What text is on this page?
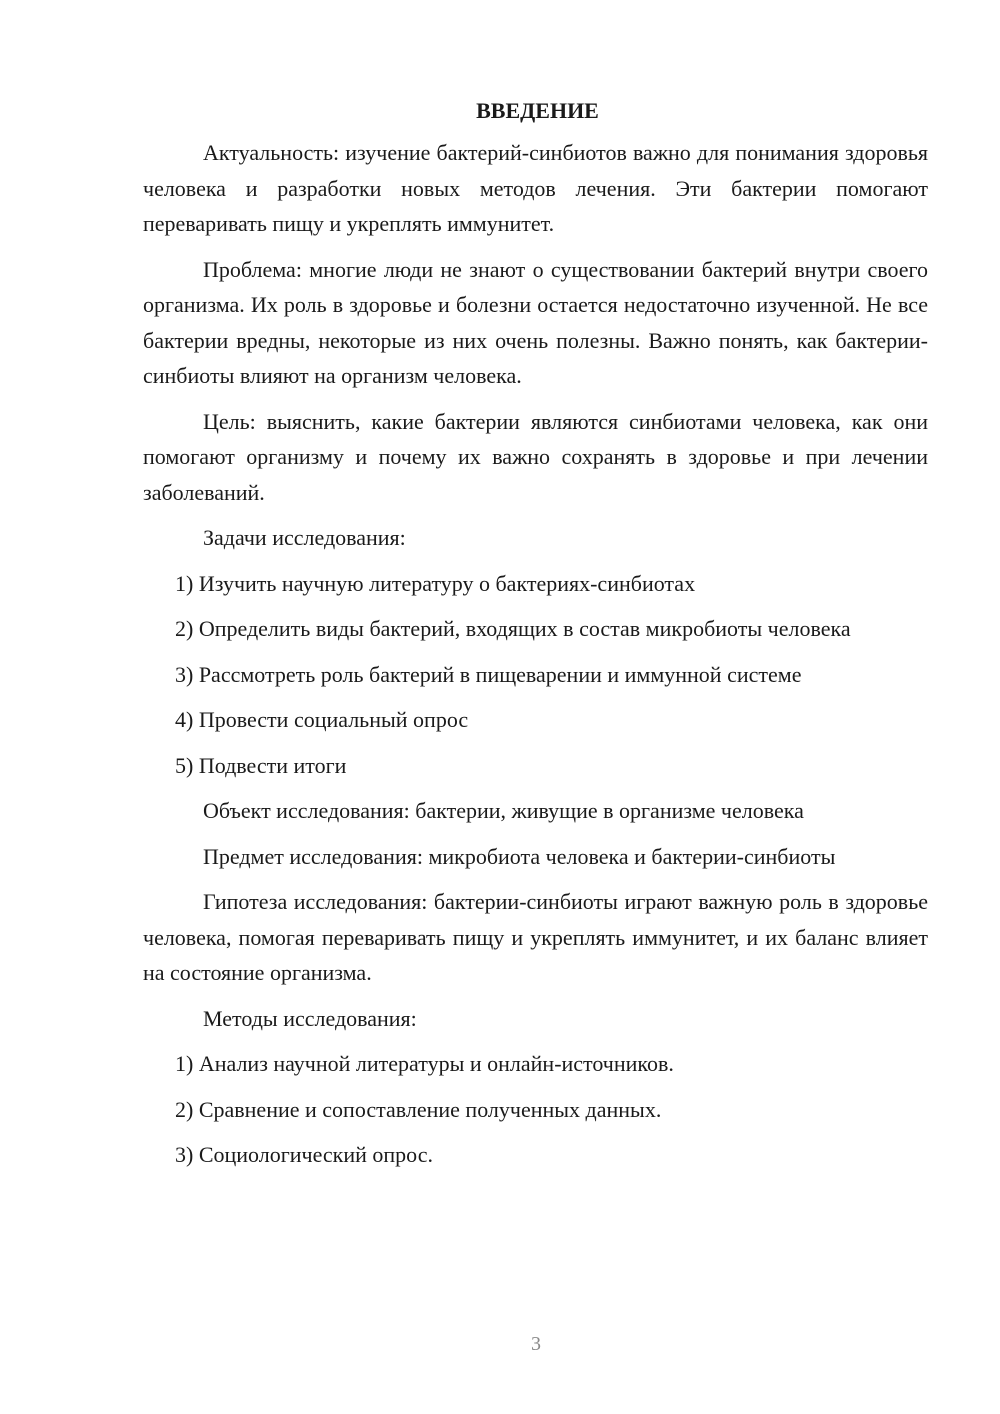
ВВЕДЕНИЕ

Актуальность: изучение бактерий-синбиотов важно для понимания здоровья человека и разработки новых методов лечения. Эти бактерии помогают переваривать пищу и укреплять иммунитет.

Проблема: многие люди не знают о существовании бактерий внутри своего организма. Их роль в здоровье и болезни остается недостаточно изученной. Не все бактерии вредны, некоторые из них очень полезны. Важно понять, как бактерии-синбиоты влияют на организм человека.

Цель: выяснить, какие бактерии являются синбиотами человека, как они помогают организму и почему их важно сохранять в здоровье и при лечении заболеваний.

Задачи исследования:

1) Изучить научную литературу о бактериях-синбиотах

2) Определить виды бактерий, входящих в состав микробиоты человека

3) Рассмотреть роль бактерий в пищеварении и иммунной системе

4) Провести социальный опрос

5) Подвести итоги

Объект исследования: бактерии, живущие в организме человека

Предмет исследования: микробиота человека и бактерии-синбиоты

Гипотеза исследования: бактерии-синбиоты играют важную роль в здоровье человека, помогая переваривать пищу и укреплять иммунитет, и их баланс влияет на состояние организма.

Методы исследования:

1) Анализ научной литературы и онлайн-источников.

2) Сравнение и сопоставление полученных данных.

3) Социологический опрос.

3
